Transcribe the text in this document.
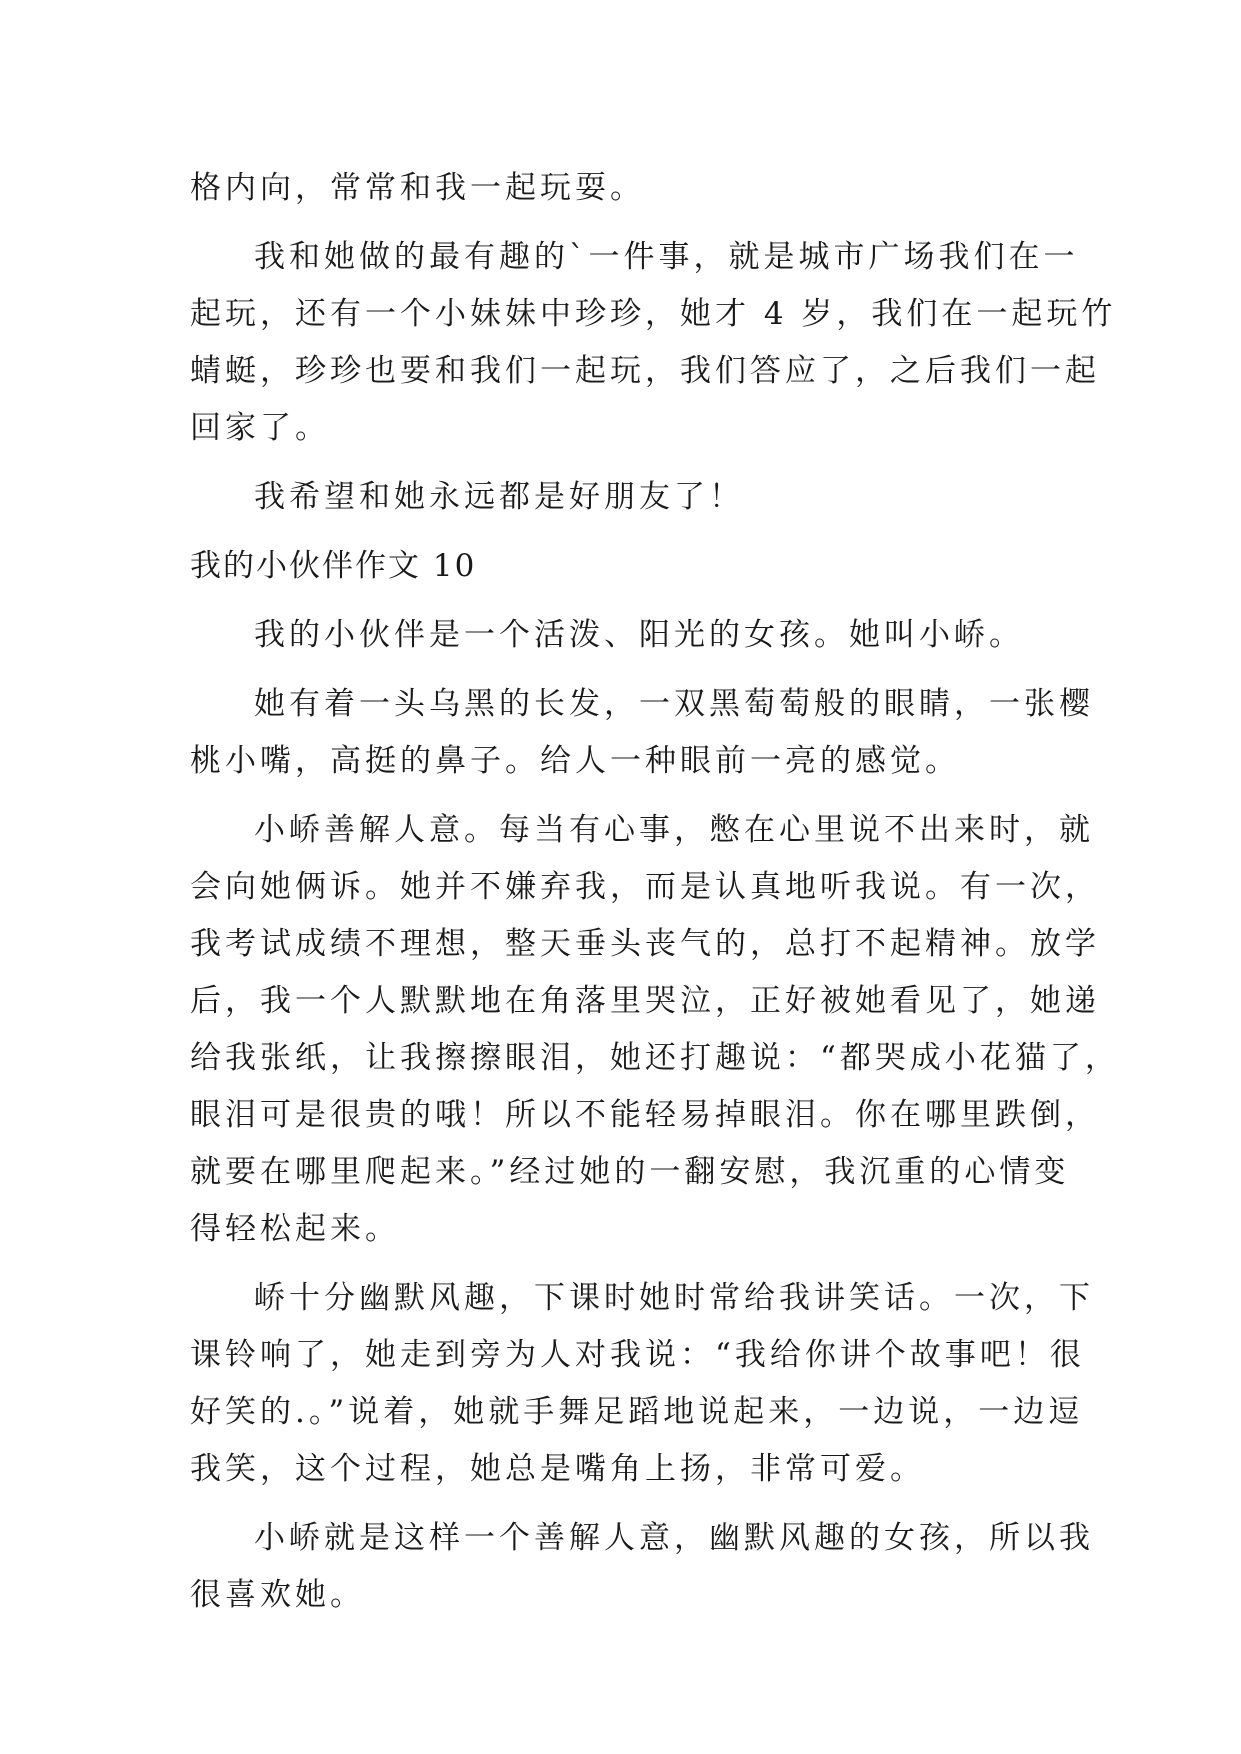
格内向，常常和我一起玩耍。
我和她做的最有趣的`一件事，就是城市广场我们在一
起玩，还有一个小妹妹中珍珍，她才 4 岁，我们在一起玩竹
蜻蜓，珍珍也要和我们一起玩，我们答应了，之后我们一起
回家了。
我希望和她永远都是好朋友了！
我的小伙伴作文 10
我的小伙伴是一个活泼、阳光的女孩。她叫小峤。
她有着一头乌黑的长发，一双黑萄萄般的眼睛，一张樱
桃小嘴，高挺的鼻子。给人一种眼前一亮的感觉。
小峤善解人意。每当有心事，憋在心里说不出来时，就
会向她俩诉。她并不嫌弃我，而是认真地听我说。有一次，
我考试成绩不理想，整天垂头丧气的，总打不起精神。放学
后，我一个人默默地在角落里哭泣，正好被她看见了，她递
给我张纸，让我擦擦眼泪，她还打趣说：“都哭成小花猫了，
眼泪可是很贵的哦！所以不能轻易掉眼泪。你在哪里跌倒，
就要在哪里爬起来。”经过她的一翻安慰，我沉重的心情变
得轻松起来。
峤十分幽默风趣，下课时她时常给我讲笑话。一次，下
课铃响了，她走到旁为人对我说：“我给你讲个故事吧！很
好笑的.。”说着，她就手舞足蹈地说起来，一边说，一边逗
我笑，这个过程，她总是嘴角上扬，非常可爱。
小峤就是这样一个善解人意，幽默风趣的女孩，所以我
很喜欢她。
